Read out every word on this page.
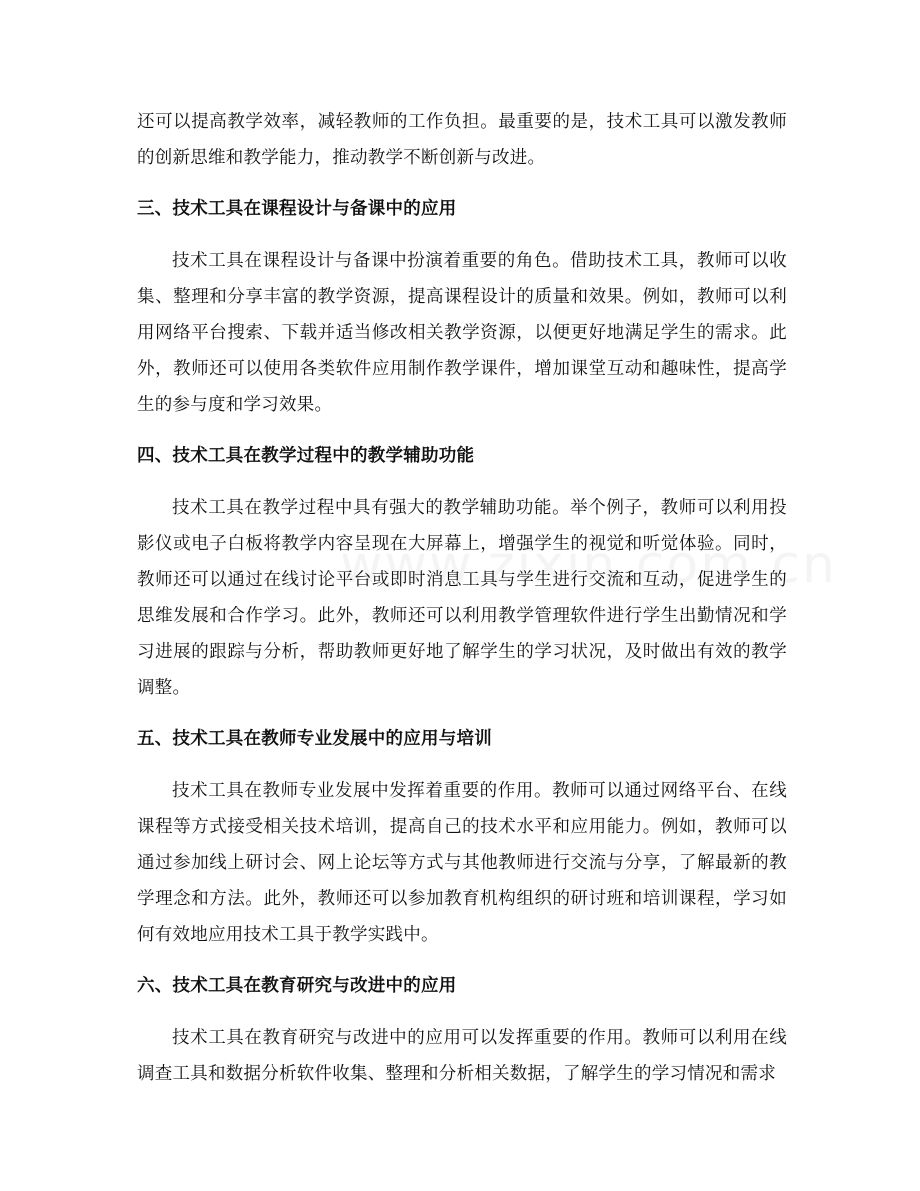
还可以提高教学效率，减轻教师的工作负担。最重要的是，技术工具可以激发教师的创新思维和教学能力，推动教学不断创新与改进。

三、技术工具在课程设计与备课中的应用

技术工具在课程设计与备课中扮演着重要的角色。借助技术工具，教师可以收集、整理和分享丰富的教学资源，提高课程设计的质量和效果。例如，教师可以利用网络平台搜索、下载并适当修改相关教学资源，以便更好地满足学生的需求。此外，教师还可以使用各类软件应用制作教学课件，增加课堂互动和趣味性，提高学生的参与度和学习效果。

四、技术工具在教学过程中的教学辅助功能

技术工具在教学过程中具有强大的教学辅助功能。举个例子，教师可以利用投影仪或电子白板将教学内容呈现在大屏幕上，增强学生的视觉和听觉体验。同时，教师还可以通过在线讨论平台或即时消息工具与学生进行交流和互动，促进学生的思维发展和合作学习。此外，教师还可以利用教学管理软件进行学生出勤情况和学习进展的跟踪与分析，帮助教师更好地了解学生的学习状况，及时做出有效的教学调整。

五、技术工具在教师专业发展中的应用与培训

技术工具在教师专业发展中发挥着重要的作用。教师可以通过网络平台、在线课程等方式接受相关技术培训，提高自己的技术水平和应用能力。例如，教师可以通过参加线上研讨会、网上论坛等方式与其他教师进行交流与分享，了解最新的教学理念和方法。此外，教师还可以参加教育机构组织的研讨班和培训课程，学习如何有效地应用技术工具于教学实践中。

六、技术工具在教育研究与改进中的应用

技术工具在教育研究与改进中的应用可以发挥重要的作用。教师可以利用在线调查工具和数据分析软件收集、整理和分析相关数据，了解学生的学习情况和需求
